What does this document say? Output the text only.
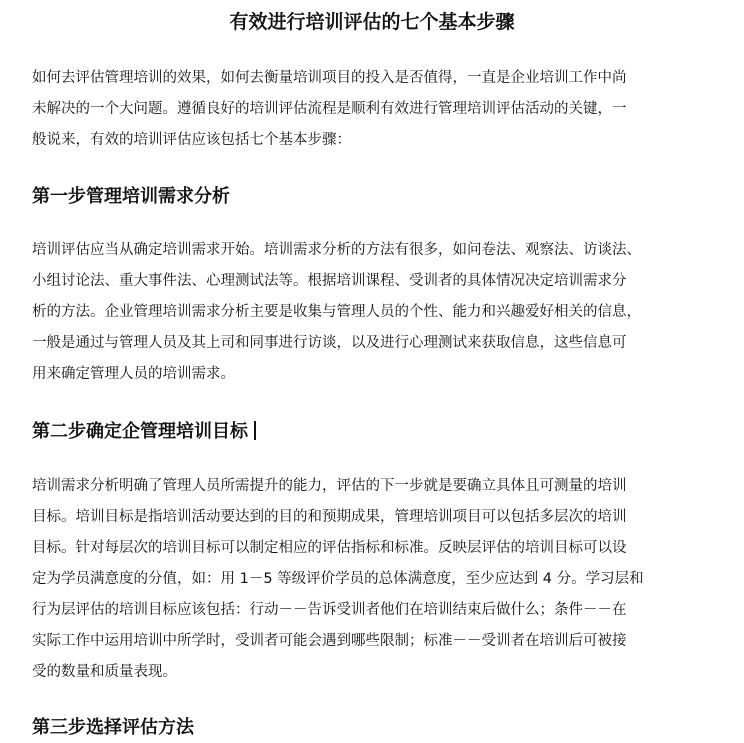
有效进行培训评估的七个基本步骤

如何去评估管理培训的效果，如何去衡量培训项目的投入是否值得，一直是企业培训工作中尚
未解决的一个大问题。遵循良好的培训评估流程是顺利有效进行管理培训评估活动的关键，一
般说来，有效的培训评估应该包括七个基本步骤：

第一步管理培训需求分析

培训评估应当从确定培训需求开始。培训需求分析的方法有很多，如问卷法、观察法、访谈法、
小组讨论法、重大事件法、心理测试法等。根据培训课程、受训者的具体情况决定培训需求分
析的方法。企业管理培训需求分析主要是收集与管理人员的个性、能力和兴趣爱好相关的信息，
一般是通过与管理人员及其上司和同事进行访谈，以及进行心理测试来获取信息，这些信息可
用来确定管理人员的培训需求。

第二步确定企管理培训目标

培训需求分析明确了管理人员所需提升的能力，评估的下一步就是要确立具体且可测量的培训
目标。培训目标是指培训活动要达到的目的和预期成果，管理培训项目可以包括多层次的培训
目标。针对每层次的培训目标可以制定相应的评估指标和标准。反映层评估的培训目标可以设
定为学员满意度的分值，如：用 1－5 等级评价学员的总体满意度，至少应达到 4 分。学习层和
行为层评估的培训目标应该包括：行动－－告诉受训者他们在培训结束后做什么；条件－－在
实际工作中运用培训中所学时，受训者可能会遇到哪些限制；标准－－受训者在培训后可被接
受的数量和质量表现。

第三步选择评估方法
